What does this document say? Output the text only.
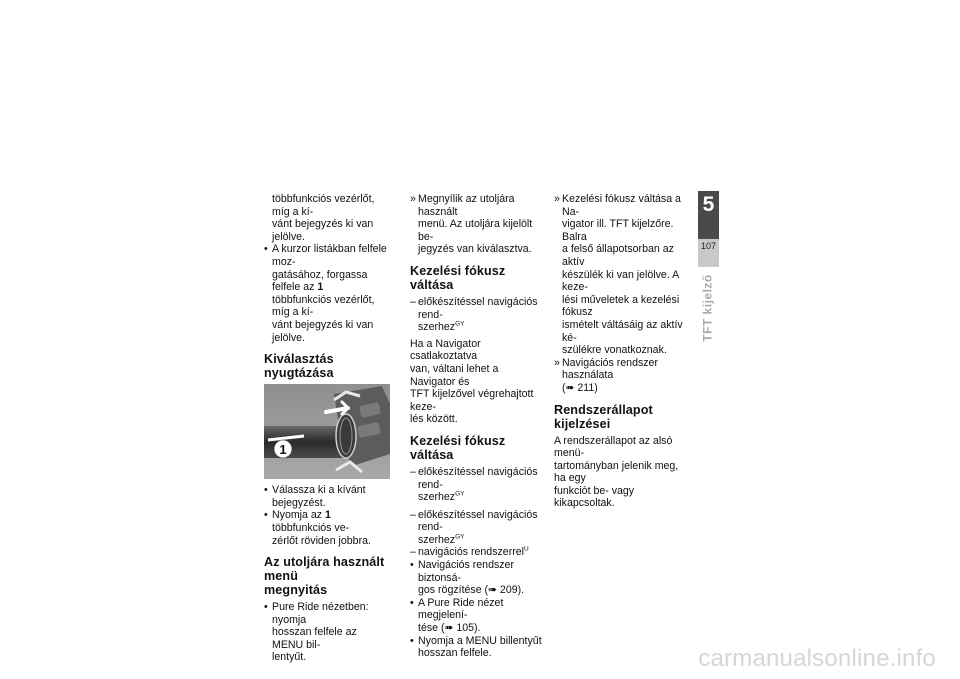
többfunkciós vezérlőt, míg a kí-

vánt bejegyzés ki van jelölve.

• A kurzor listákban felfele moz-
gatásához, forgassa felfele az 1
többfunkciós vezérlőt, míg a kí-
vánt bejegyzés ki van jelölve.
Kiválasztás nyugtázása
1
• Válassza ki a kívánt bejegyzést.
• Nyomja az 1 többfunkciós ve-
zérlőt röviden jobbra.
Az utoljára használt menü
megnyitás
• Pure Ride nézetben: nyomja
hosszan felfele az MENU bil-
lentyűt.
» Megnyílik az utoljára használt
menü. Az utoljára kijelölt be-
jegyzés van kiválasztva.
Kezelési fókusz váltása
– előkészítéssel navigációs rend-
szerhez$^{GY}$

Ha a Navigator csatlakoztatva

van, váltani lehet a Navigator és

TFT kijelzővel végrehajtott keze-

lés között.

Kezelési fókusz váltása
– előkészítéssel navigációs rend-
szerhez$^{GY}$
– előkészítéssel navigációs rend-
szerhez$^{GY}$
– navigációs rendszerrel$^U$
• Navigációs rendszer biztonsá-
gos rögzítése (➠ 209).
• A Pure Ride nézet megjelení-
tése (➠ 105).
• Nyomja a MENU billentyűt
hosszan felfele.
» Kezelési fókusz váltása a Na-
vigator ill. TFT kijelzőre. Balra
a felső állapotsorban az aktív
készülék ki van jelölve. A keze-
lési műveletek a kezelési fókusz
ismételt váltásáig az aktív ké-
szülékre vonatkoznak.
» Navigációs rendszer használata
(➠ 211)
Rendszerállapot kijelzései

A rendszerállapot az alsó menü-

tartományban jelenik meg, ha egy

funkciót be- vagy kikapcsoltak.

5
107
TFT kijelző
carmanualsonline.info
